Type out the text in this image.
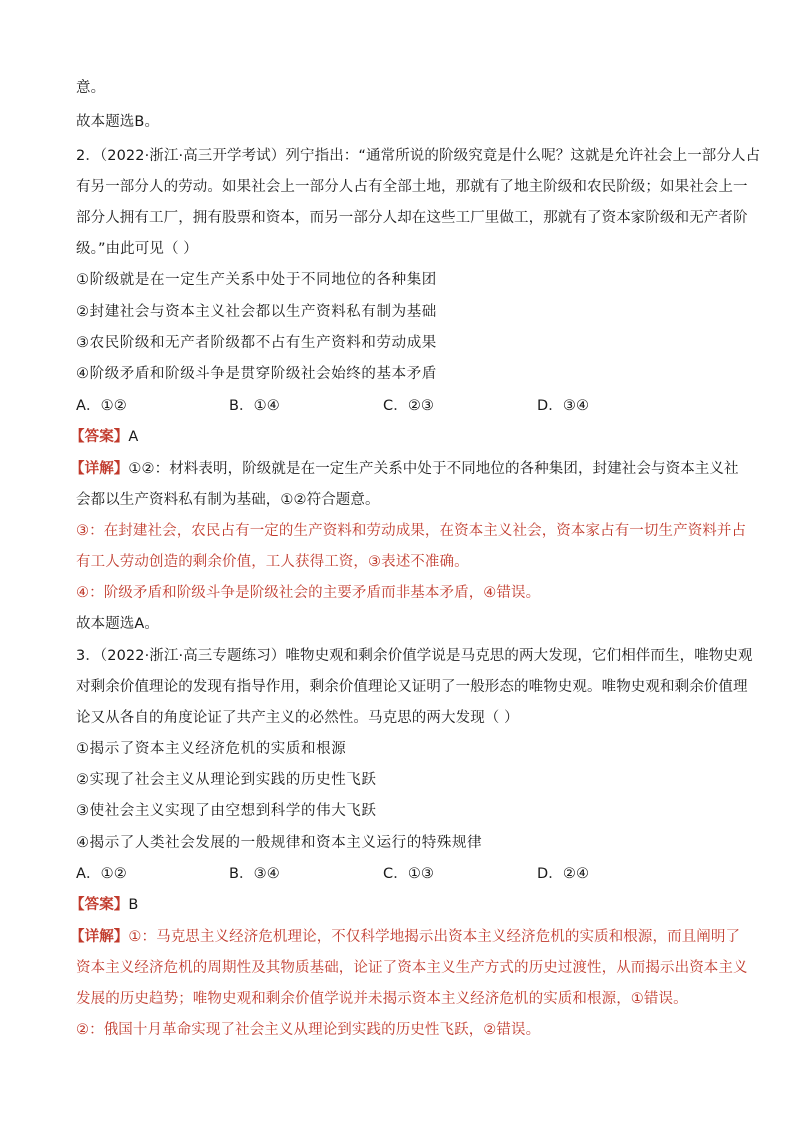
意。
故本题选B。
2．（2022·浙江·高三开学考试）列宁指出：“通常所说的阶级究竟是什么呢？这就是允许社会上一部分人占
有另一部分人的劳动。如果社会上一部分人占有全部土地，那就有了地主阶级和农民阶级；如果社会上一
部分人拥有工厂，拥有股票和资本，而另一部分人却在这些工厂里做工，那就有了资本家阶级和无产者阶
级。”由此可见（ ）
①阶级就是在一定生产关系中处于不同地位的各种集团
②封建社会与资本主义社会都以生产资料私有制为基础
③农民阶级和无产者阶级都不占有生产资料和劳动成果
④阶级矛盾和阶级斗争是贯穿阶级社会始终的基本矛盾
A．①②	B．①④	C．②③	D．③④
【答案】A
【详解】①②：材料表明，阶级就是在一定生产关系中处于不同地位的各种集团，封建社会与资本主义社
会都以生产资料私有制为基础，①②符合题意。
③：在封建社会，农民占有一定的生产资料和劳动成果，在资本主义社会，资本家占有一切生产资料并占
有工人劳动创造的剩余价值，工人获得工资，③表述不准确。
④：阶级矛盾和阶级斗争是阶级社会的主要矛盾而非基本矛盾，④错误。
故本题选A。
3．（2022·浙江·高三专题练习）唯物史观和剩余价值学说是马克思的两大发现，它们相伴而生，唯物史观
对剩余价值理论的发现有指导作用，剩余价值理论又证明了一般形态的唯物史观。唯物史观和剩余价值理
论又从各自的角度论证了共产主义的必然性。马克思的两大发现（ ）
①揭示了资本主义经济危机的实质和根源
②实现了社会主义从理论到实践的历史性飞跃
③使社会主义实现了由空想到科学的伟大飞跃
④揭示了人类社会发展的一般规律和资本主义运行的特殊规律
A．①②	B．③④	C．①③	D．②④
【答案】B
【详解】①：马克思主义经济危机理论，不仅科学地揭示出资本主义经济危机的实质和根源，而且阐明了
资本主义经济危机的周期性及其物质基础，论证了资本主义生产方式的历史过渡性，从而揭示出资本主义
发展的历史趋势；唯物史观和剩余价值学说并未揭示资本主义经济危机的实质和根源，①错误。
②：俄国十月革命实现了社会主义从理论到实践的历史性飞跃，②错误。
